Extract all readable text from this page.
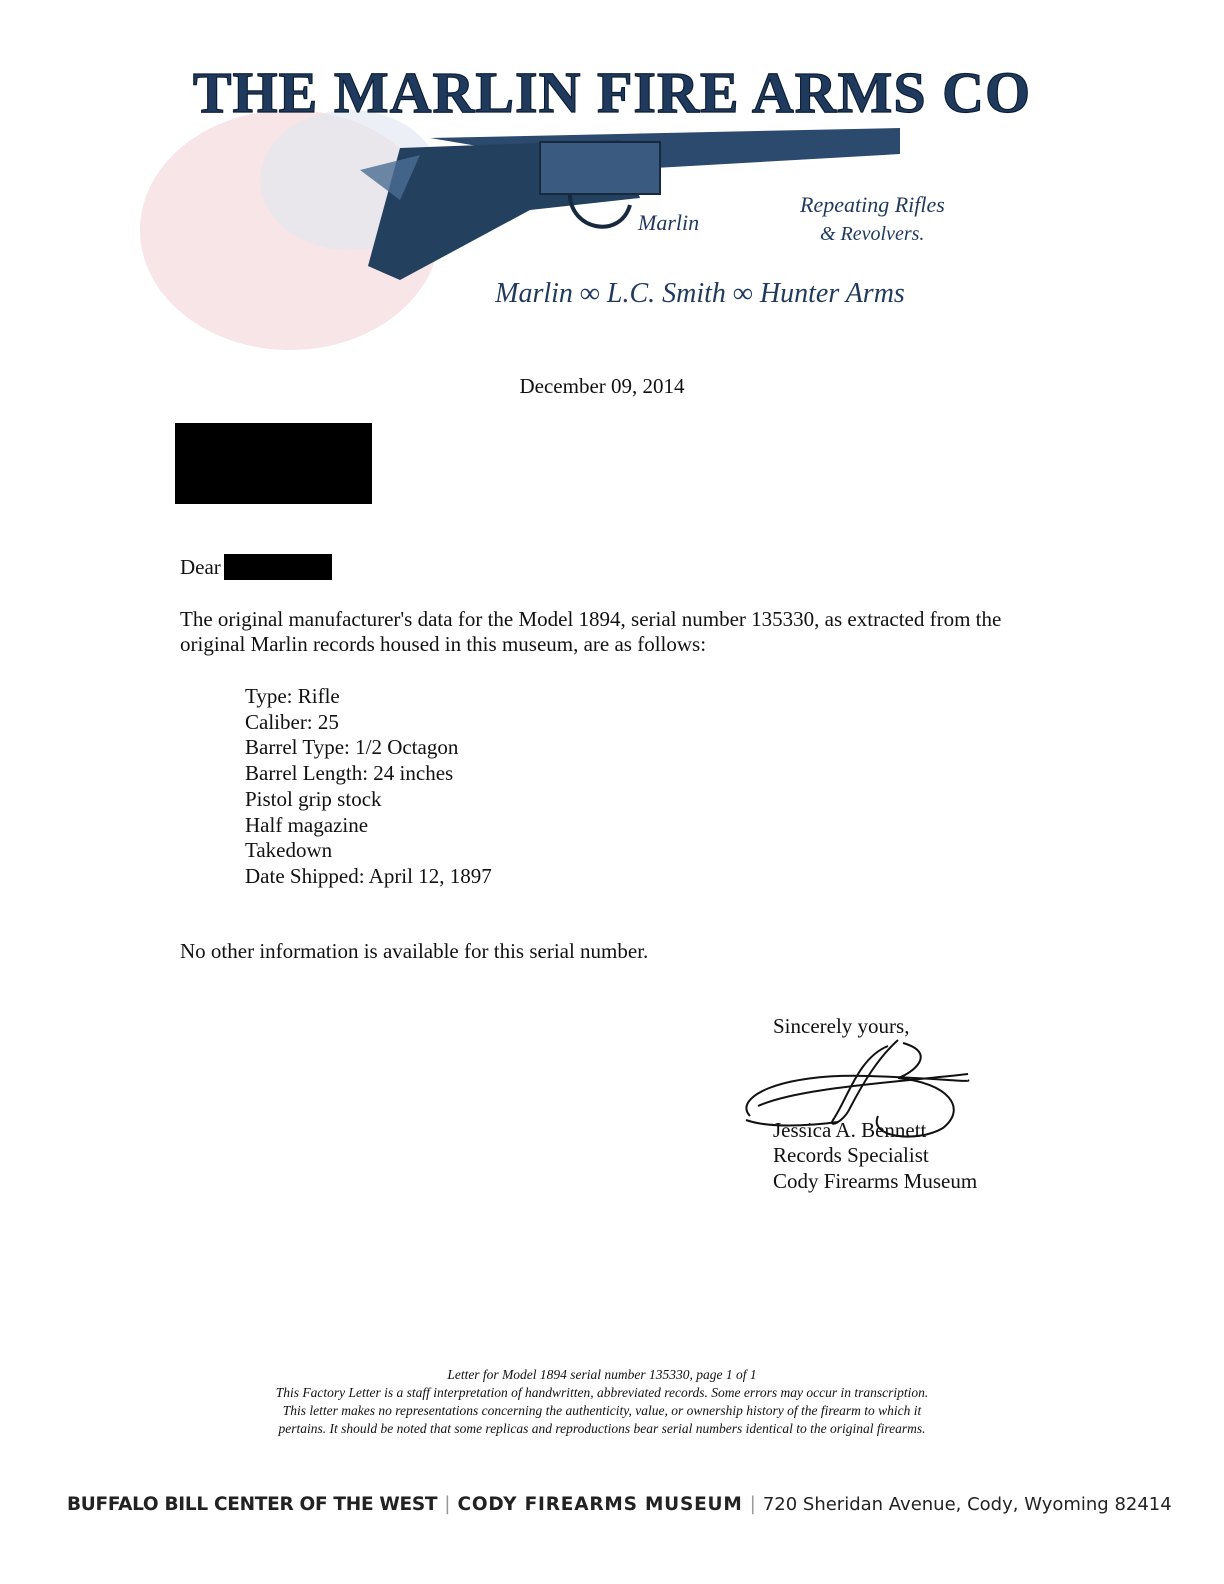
THE MARLIN FIRE ARMS CO
Marlin
Repeating Rifles
& Revolvers.
Marlin ∞ L.C. Smith ∞ Hunter Arms
December 09, 2014
Dear
The original manufacturer's data for the Model 1894, serial number 135330, as extracted from the original Marlin records housed in this museum, are as follows:
Type: Rifle
Caliber: 25
Barrel Type: 1/2 Octagon
Barrel Length: 24 inches
Pistol grip stock
Half magazine
Takedown
Date Shipped: April 12, 1897
No other information is available for this serial number.
Sincerely yours,
Jessica A. Bennett
Records Specialist
Cody Firearms Museum
Letter for Model 1894 serial number 135330, page 1 of 1
This Factory Letter is a staff interpretation of handwritten, abbreviated records. Some errors may occur in transcription.
This letter makes no representations concerning the authenticity, value, or ownership history of the firearm to which it
pertains. It should be noted that some replicas and reproductions bear serial numbers identical to the original firearms.
BUFFALO BILL CENTER OF THE WEST | CODY FIREARMS MUSEUM | 720 Sheridan Avenue, Cody, Wyoming 82414
